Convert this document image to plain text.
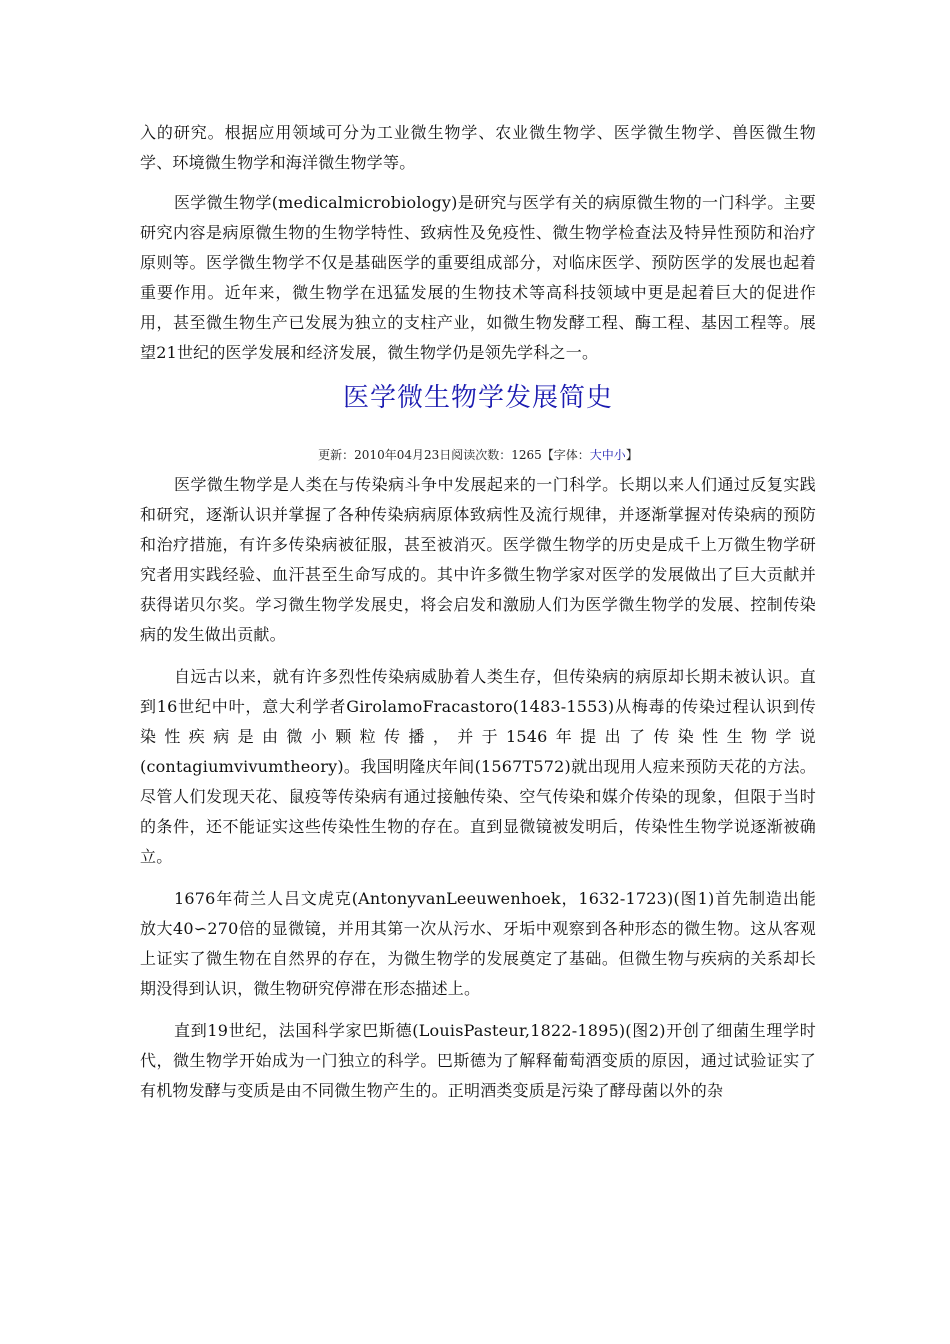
入的研究。根据应用领域可分为工业微生物学、农业微生物学、医学微生物学、兽医微生物学、环境微生物学和海洋微生物学等。

医学微生物学(medicalmicrobiology)是研究与医学有关的病原微生物的一门科学。主要研究内容是病原微生物的生物学特性、致病性及免疫性、微生物学检查法及特异性预防和治疗原则等。医学微生物学不仅是基础医学的重要组成部分，对临床医学、预防医学的发展也起着重要作用。近年来，微生物学在迅猛发展的生物技术等高科技领域中更是起着巨大的促进作用，甚至微生物生产已发展为独立的支柱产业，如微生物发酵工程、酶工程、基因工程等。展望21世纪的医学发展和经济发展，微生物学仍是领先学科之一。

医学微生物学发展简史

更新：2010年04月23日阅读次数：1265【字体：大中小】

医学微生物学是人类在与传染病斗争中发展起来的一门科学。长期以来人们通过反复实践和研究，逐渐认识并掌握了各种传染病病原体致病性及流行规律，并逐渐掌握对传染病的预防和治疗措施，有许多传染病被征服，甚至被消灭。医学微生物学的历史是成千上万微生物学研究者用实践经验、血汗甚至生命写成的。其中许多微生物学家对医学的发展做出了巨大贡献并获得诺贝尔奖。学习微生物学发展史，将会启发和激励人们为医学微生物学的发展、控制传染病的发生做出贡献。

自远古以来，就有许多烈性传染病威胁着人类生存，但传染病的病原却长期未被认识。直到16世纪中叶，意大利学者GirolamoFracastoro(1483-1553)从梅毒的传染过程认识到传染性疾病是由微小颗粒传播，并于1546年提出了传染性生物学说(contagiumvivumtheory)。我国明隆庆年间(1567T572)就出现用人痘来预防天花的方法。尽管人们发现天花、鼠疫等传染病有通过接触传染、空气传染和媒介传染的现象，但限于当时的条件，还不能证实这些传染性生物的存在。直到显微镜被发明后，传染性生物学说逐渐被确立。

1676年荷兰人吕文虎克(AntonyvanLeeuwenhoek，1632-1723)(图1)首先制造出能放大40∽270倍的显微镜，并用其第一次从污水、牙垢中观察到各种形态的微生物。这从客观上证实了微生物在自然界的存在，为微生物学的发展奠定了基础。但微生物与疾病的关系却长期没得到认识，微生物研究停滞在形态描述上。

直到19世纪，法国科学家巴斯德(LouisPasteur,1822-1895)(图2)开创了细菌生理学时代，微生物学开始成为一门独立的科学。巴斯德为了解释葡萄酒变质的原因，通过试验证实了有机物发酵与变质是由不同微生物产生的。正明酒类变质是污染了酵母菌以外的杂
